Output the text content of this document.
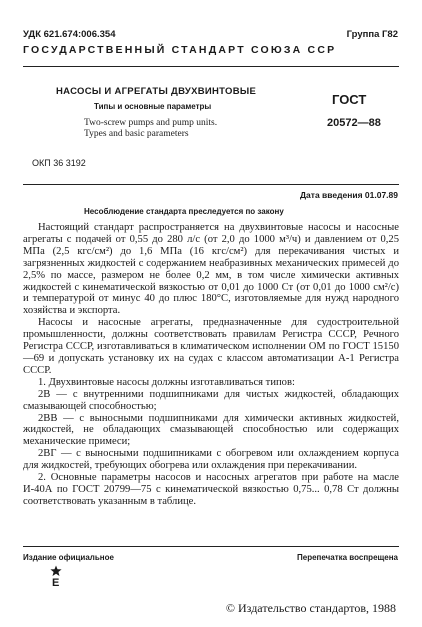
УДК 621.674:006.354	Группа Г82
ГОСУДАРСТВЕННЫЙ СТАНДАРТ СОЮЗА ССР
НАСОСЫ И АГРЕГАТЫ ДВУХВИНТОВЫЕ
Типы и основные параметры
Two-screw pumps and pump units.
Types and basic parameters
ГОСТ
20572—88
ОКП 36 3192
Дата введения 01.07.89
Несоблюдение стандарта преследуется по закону

Настоящий стандарт распространяется на двухвинтовые насосы и насосные агрегаты с подачей от 0,55 до 280 л/с (от 2,0 до 1000 м³/ч) и давлением от 0,25 МПа (2,5 кгс/см²) до 1,6 МПа (16 кгс/см²) для перекачивания чистых и загрязненных жидкостей с содержанием неабразивных механических примесей до 2,5% по массе, размером не более 0,2 мм, в том числе химически активных жидкостей с кинематической вязкостью от 0,01 до 1000 Ст (от 0,01 до 1000 см²/с) и температурой от минус 40 до плюс 180°С, изготовляемые для нужд народного хозяйства и экспорта.

Насосы и насосные агрегаты, предназначенные для судостроительной промышленности, должны соответствовать правилам Регистра СССР, Речного Регистра СССР, изготавливаться в климатическом исполнении ОМ по ГОСТ 15150—69 и допускать установку их на судах с классом автоматизации А-1 Регистра СССР.

1. Двухвинтовые насосы должны изготавливаться типов:

2В — с внутренними подшипниками для чистых жидкостей, обладающих смазывающей способностью;

2ВВ — с выносными подшипниками для химически активных жидкостей, жидкостей, не обладающих смазывающей способностью или содержащих механические примеси;

2ВГ — с выносными подшипниками с обогревом или охлаждением корпуса для жидкостей, требующих обогрева или охлаждения при перекачивании.

2. Основные параметры насосов и насосных агрегатов при работе на масле И-40А по ГОСТ 20799—75 с кинематической вязкостью 0,75... 0,78 Ст должны соответствовать указанным в таблице.

Издание официальное	Перепечатка воспрещена
Е
© Издательство стандартов, 1988
